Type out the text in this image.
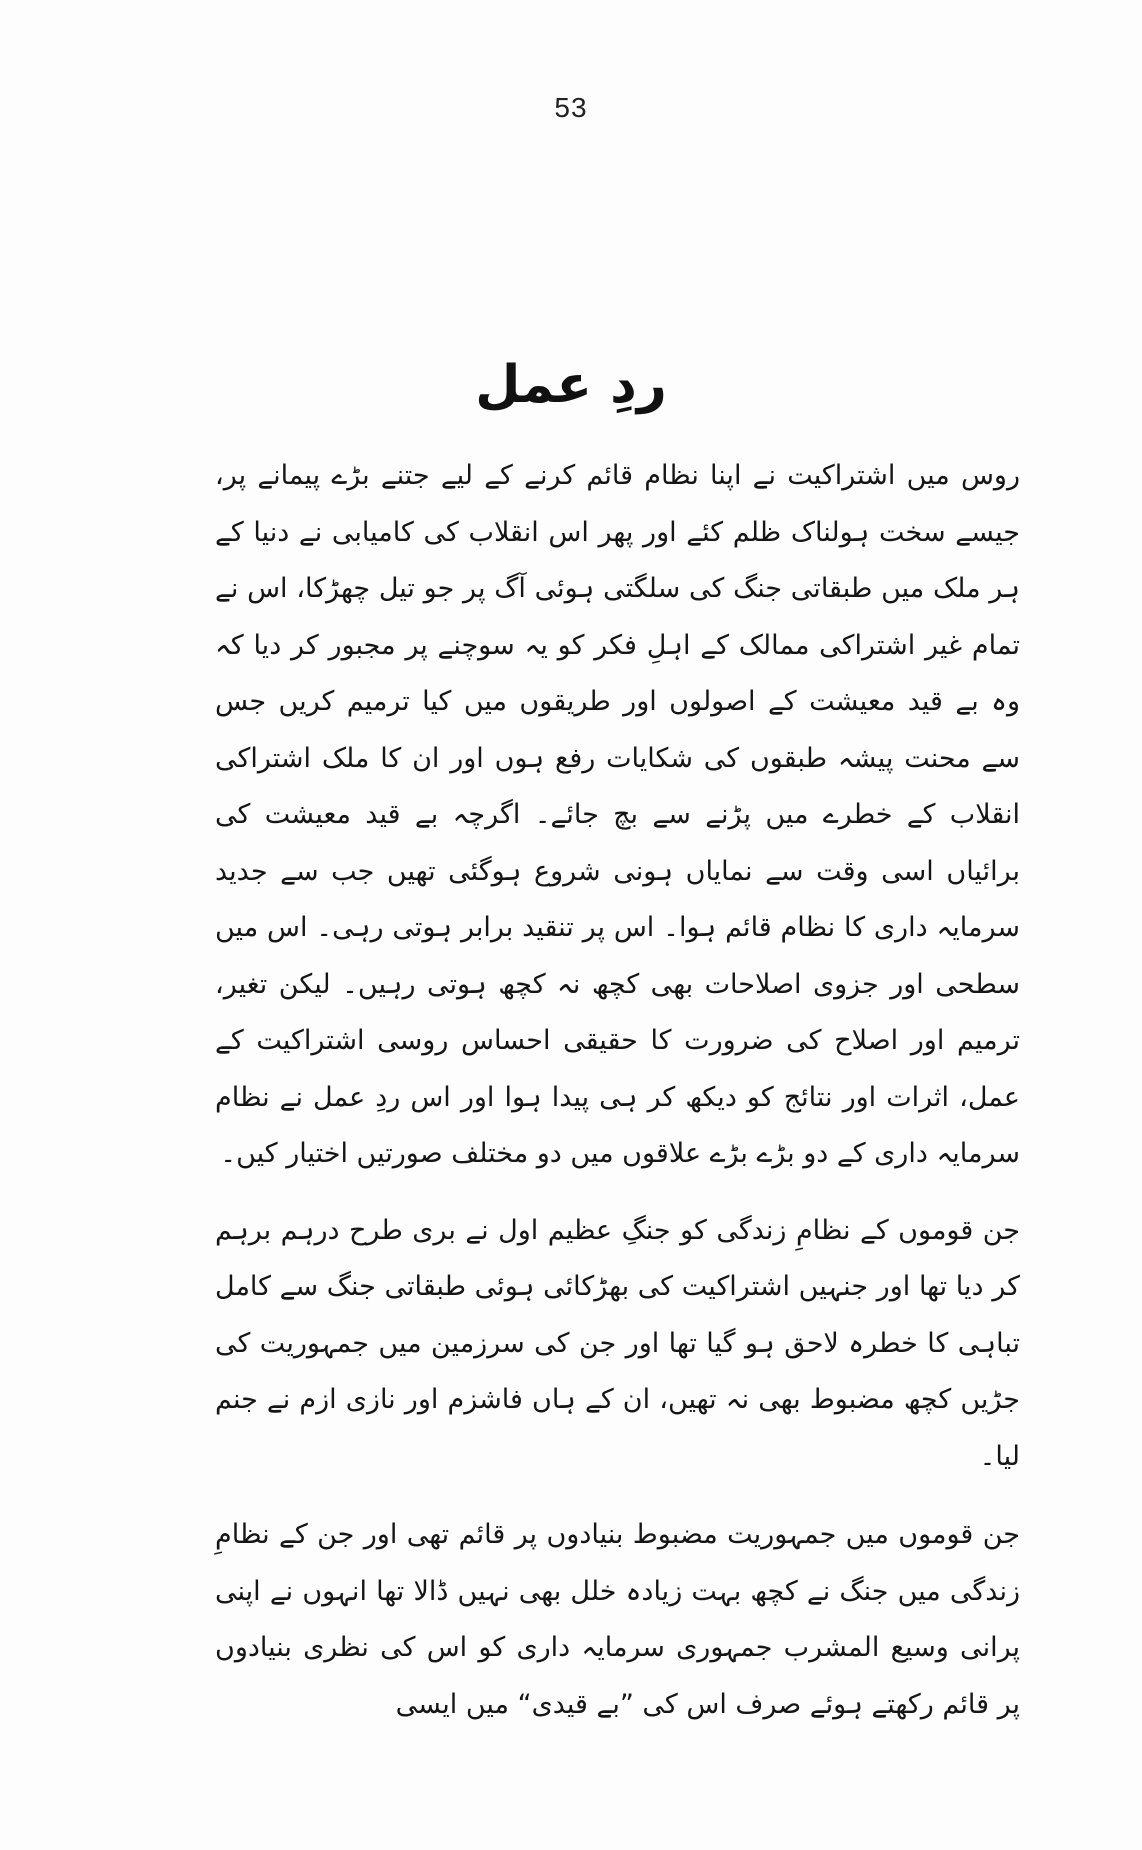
53
ردِ عمل

روس میں اشتراکیت نے اپنا نظام قائم کرنے کے لیے جتنے بڑے پیمانے پر، جیسے سخت ہولناک ظلم کئے اور پھر اس انقلاب کی کامیابی نے دنیا کے ہر ملک میں طبقاتی جنگ کی سلگتی ہوئی آگ پر جو تیل چھڑکا، اس نے تمام غیر اشتراکی ممالک کے اہلِ فکر کو یہ سوچنے پر مجبور کر دیا کہ وہ بے قید معیشت کے اصولوں اور طریقوں میں کیا ترمیم کریں جس سے محنت پیشہ طبقوں کی شکایات رفع ہوں اور ان کا ملک اشتراکی انقلاب کے خطرے میں پڑنے سے بچ جائے۔ اگرچہ بے قید معیشت کی برائیاں اسی وقت سے نمایاں ہونی شروع ہوگئی تھیں جب سے جدید سرمایہ داری کا نظام قائم ہوا۔ اس پر تنقید برابر ہوتی رہی۔ اس میں سطحی اور جزوی اصلاحات بھی کچھ نہ کچھ ہوتی رہیں۔ لیکن تغیر، ترمیم اور اصلاح کی ضرورت کا حقیقی احساس روسی اشتراکیت کے عمل، اثرات اور نتائج کو دیکھ کر ہی پیدا ہوا اور اس ردِ عمل نے نظام سرمایہ داری کے دو بڑے بڑے علاقوں میں دو مختلف صورتیں اختیار کیں۔

جن قوموں کے نظامِ زندگی کو جنگِ عظیم اول نے بری طرح درہم برہم کر دیا تھا اور جنہیں اشتراکیت کی بھڑکائی ہوئی طبقاتی جنگ سے کامل تباہی کا خطرہ لاحق ہو گیا تھا اور جن کی سرزمین میں جمہوریت کی جڑیں کچھ مضبوط بھی نہ تھیں، ان کے ہاں فاشزم اور نازی ازم نے جنم لیا۔

جن قوموں میں جمہوریت مضبوط بنیادوں پر قائم تھی اور جن کے نظامِ زندگی میں جنگ نے کچھ بہت زیادہ خلل بھی نہیں ڈالا تھا انہوں نے اپنی پرانی وسیع المشرب جمہوری سرمایہ داری کو اس کی نظری بنیادوں پر قائم رکھتے ہوئے صرف اس کی ”بے قیدی“ میں ایسی
